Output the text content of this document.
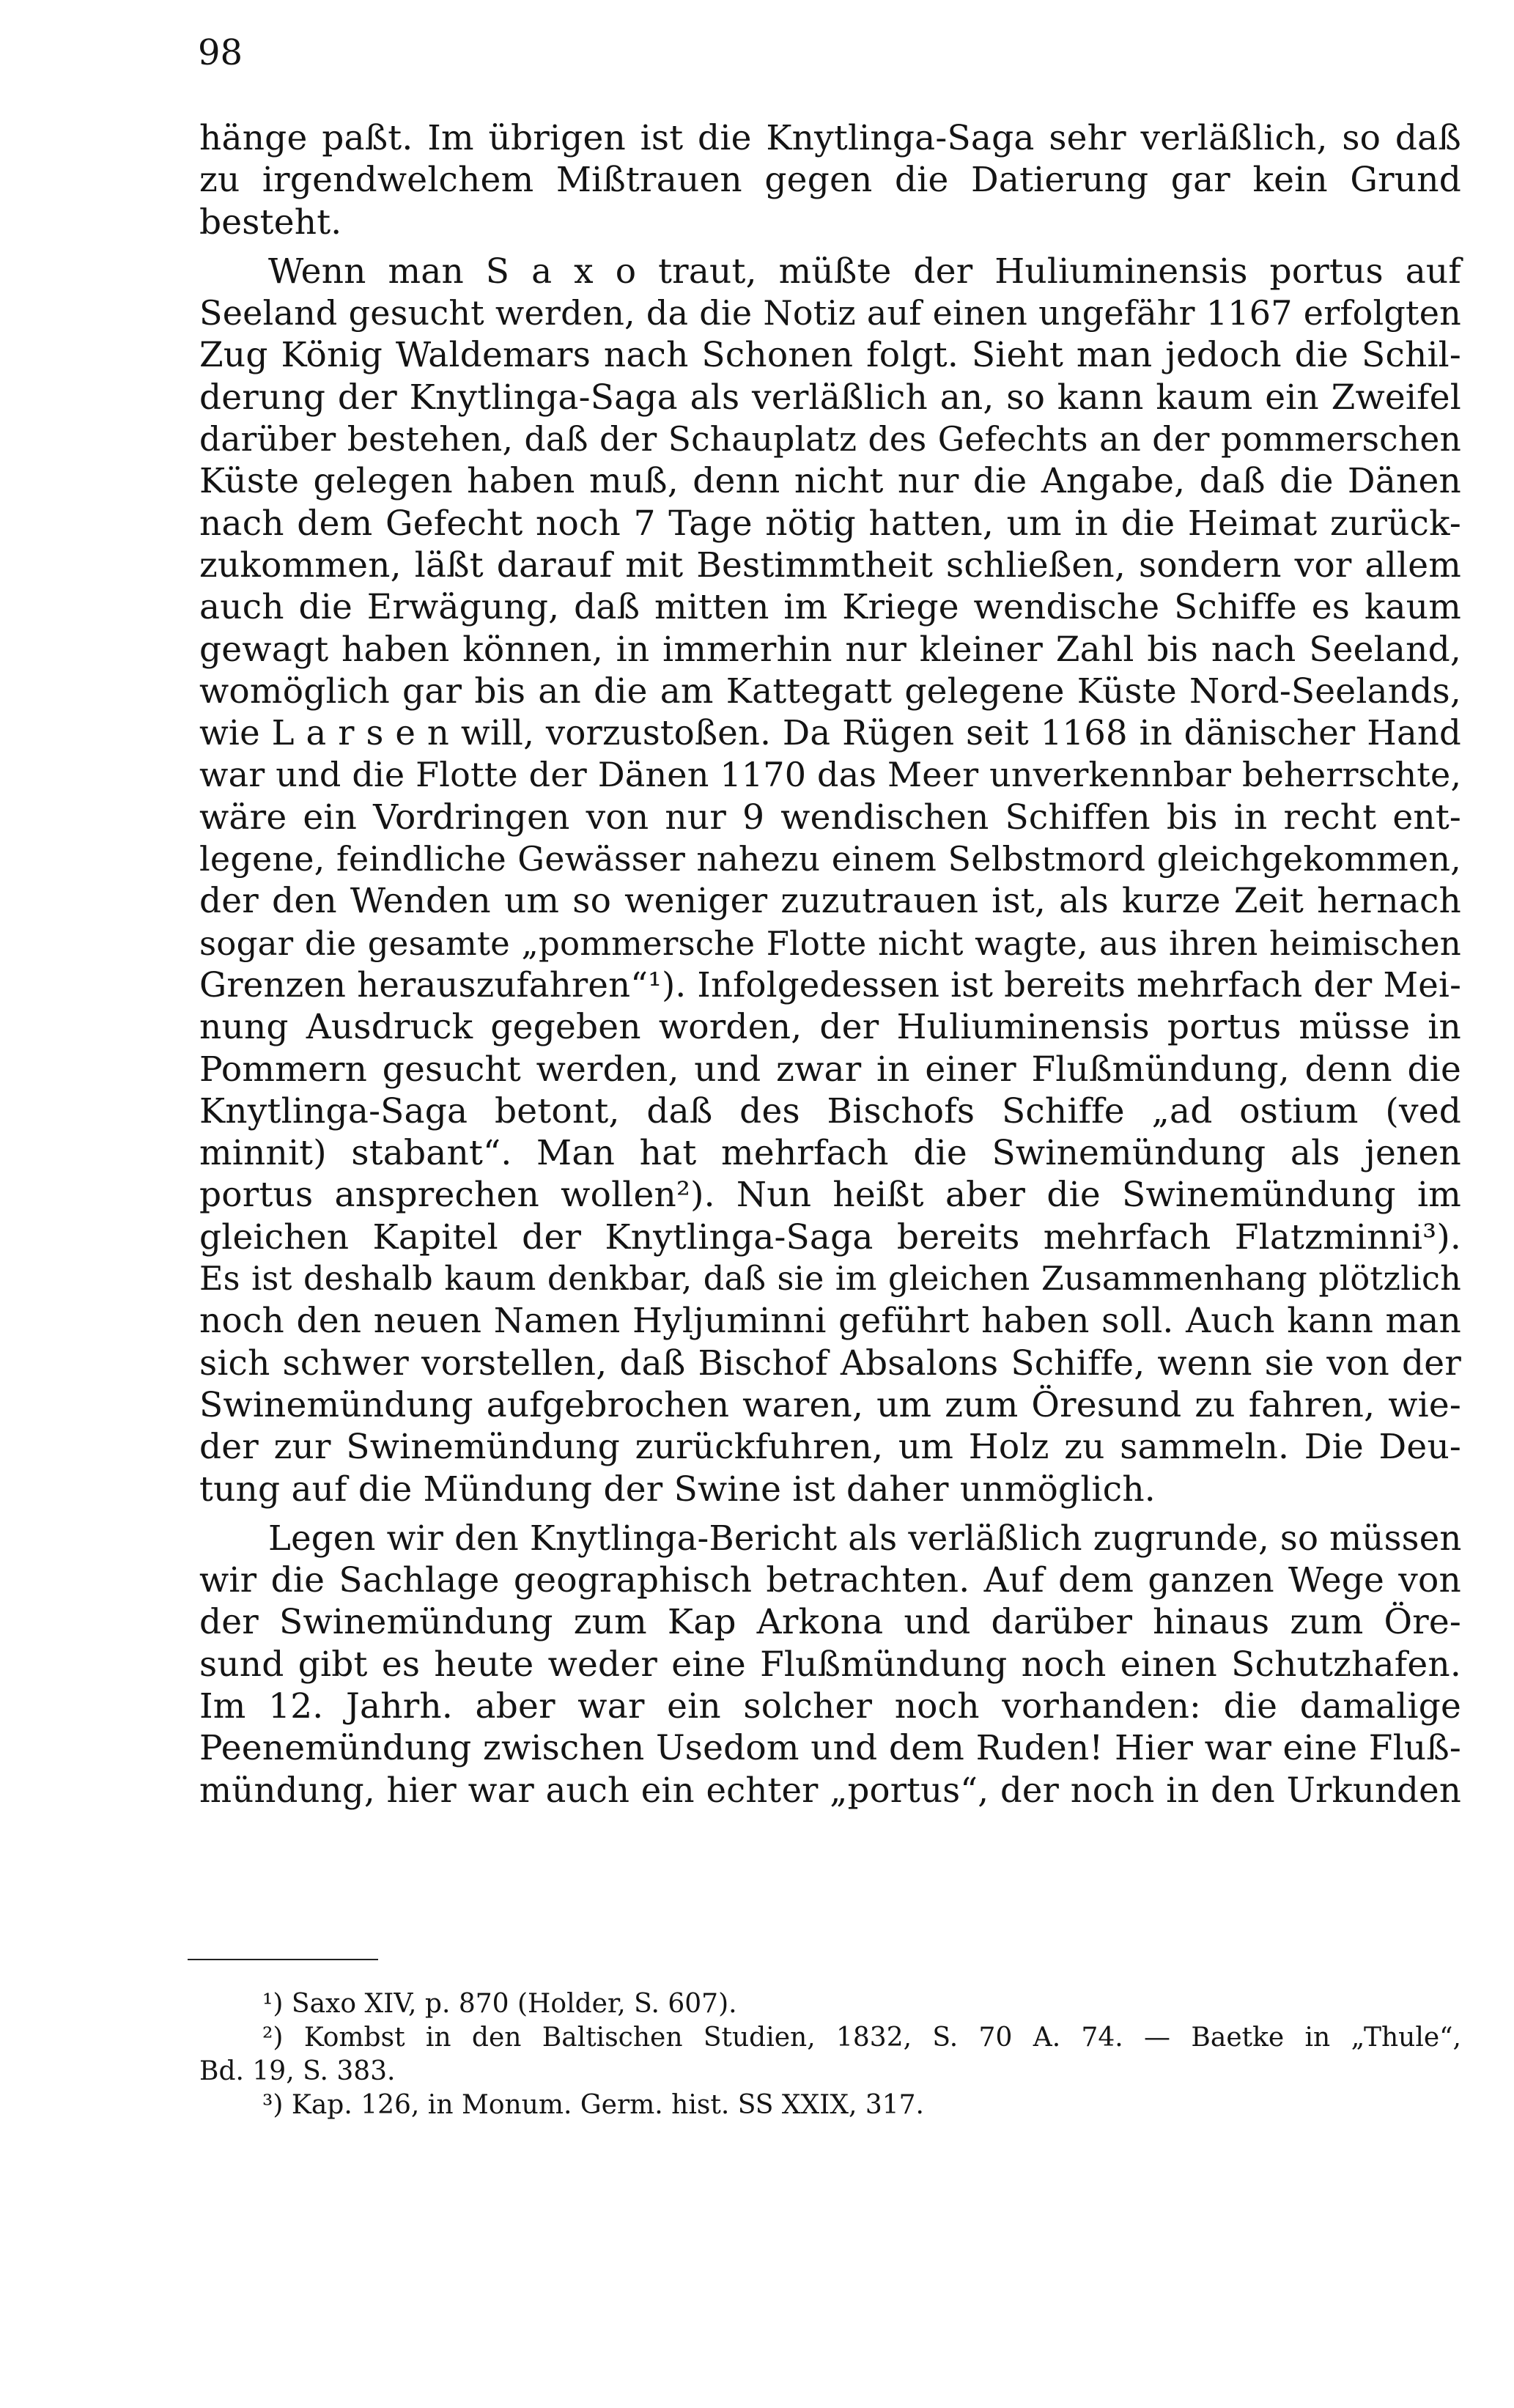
98
hänge paßt. Im übrigen ist die Knytlinga-Saga sehr verläßlich, so daß
zu irgendwelchem Mißtrauen gegen die Datierung gar kein Grund
besteht.
Wenn man S a x o traut, müßte der Huliuminensis portus auf
Seeland gesucht werden, da die Notiz auf einen ungefähr 1167 erfolgten
Zug König Waldemars nach Schonen folgt. Sieht man jedoch die Schil-
derung der Knytlinga-Saga als verläßlich an, so kann kaum ein Zweifel
darüber bestehen, daß der Schauplatz des Gefechts an der pommerschen
Küste gelegen haben muß, denn nicht nur die Angabe, daß die Dänen
nach dem Gefecht noch 7 Tage nötig hatten, um in die Heimat zurück-
zukommen, läßt darauf mit Bestimmtheit schließen, sondern vor allem
auch die Erwägung, daß mitten im Kriege wendische Schiffe es kaum
gewagt haben können, in immerhin nur kleiner Zahl bis nach Seeland,
womöglich gar bis an die am Kattegatt gelegene Küste Nord-Seelands,
wie L a r s e n will, vorzustoßen. Da Rügen seit 1168 in dänischer Hand
war und die Flotte der Dänen 1170 das Meer unverkennbar beherrschte,
wäre ein Vordringen von nur 9 wendischen Schiffen bis in recht ent-
legene, feindliche Gewässer nahezu einem Selbstmord gleichgekommen,
der den Wenden um so weniger zuzutrauen ist, als kurze Zeit hernach
sogar die gesamte „pommersche Flotte nicht wagte, aus ihren heimischen
Grenzen herauszufahren“¹). Infolgedessen ist bereits mehrfach der Mei-
nung Ausdruck gegeben worden, der Huliuminensis portus müsse in
Pommern gesucht werden, und zwar in einer Flußmündung, denn die
Knytlinga-Saga betont, daß des Bischofs Schiffe „ad ostium (ved
minnit) stabant“. Man hat mehrfach die Swinemündung als jenen
portus ansprechen wollen²). Nun heißt aber die Swinemündung im
gleichen Kapitel der Knytlinga-Saga bereits mehrfach Flatzminni³).
Es ist deshalb kaum denkbar, daß sie im gleichen Zusammenhang plötzlich
noch den neuen Namen Hyljuminni geführt haben soll. Auch kann man
sich schwer vorstellen, daß Bischof Absalons Schiffe, wenn sie von der
Swinemündung aufgebrochen waren, um zum Öresund zu fahren, wie-
der zur Swinemündung zurückfuhren, um Holz zu sammeln. Die Deu-
tung auf die Mündung der Swine ist daher unmöglich.
Legen wir den Knytlinga-Bericht als verläßlich zugrunde, so müssen
wir die Sachlage geographisch betrachten. Auf dem ganzen Wege von
der Swinemündung zum Kap Arkona und darüber hinaus zum Öre-
sund gibt es heute weder eine Flußmündung noch einen Schutzhafen.
Im 12. Jahrh. aber war ein solcher noch vorhanden: die damalige
Peenemündung zwischen Usedom und dem Ruden! Hier war eine Fluß-
mündung, hier war auch ein echter „portus“, der noch in den Urkunden
¹) Saxo XIV, p. 870 (Holder, S. 607).
²) Kombst in den Baltischen Studien, 1832, S. 70 A. 74. — Baetke in „Thule“,
Bd. 19, S. 383.
³) Kap. 126, in Monum. Germ. hist. SS XXIX, 317.
